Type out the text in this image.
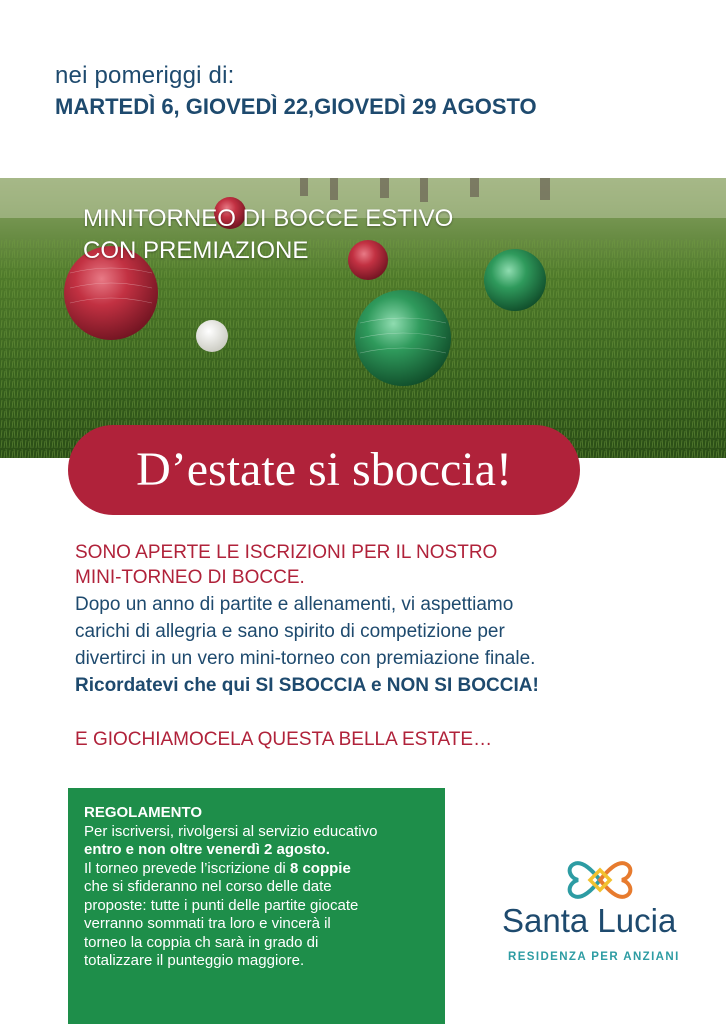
nei pomeriggi di:
MARTEDÌ 6, GIOVEDÌ 22,GIOVEDÌ 29 AGOSTO
MINITORNEO DI BOCCE ESTIVO
CON PREMIAZIONE
D’estate si sboccia!
SONO APERTE LE ISCRIZIONI PER IL NOSTRO
MINI-TORNEO DI BOCCE.
Dopo un anno di partite e allenamenti, vi aspettiamo
carichi di allegria e sano spirito di competizione per
divertirci in un vero mini-torneo con premiazione finale.
Ricordatevi che qui SI SBOCCIA e NON SI BOCCIA!
E GIOCHIAMOCELA QUESTA BELLA ESTATE…
REGOLAMENTO
Per iscriversi, rivolgersi al servizio educativo
entro e non oltre venerdì 2 agosto.
Il torneo prevede l’iscrizione di 8 coppie
che si sfideranno nel corso delle date
proposte: tutte i punti delle partite giocate
verranno sommati tra loro e vincerà il
torneo la coppia ch sarà in grado di
totalizzare il punteggio maggiore.
Santa Lucia
RESIDENZA PER ANZIANI
